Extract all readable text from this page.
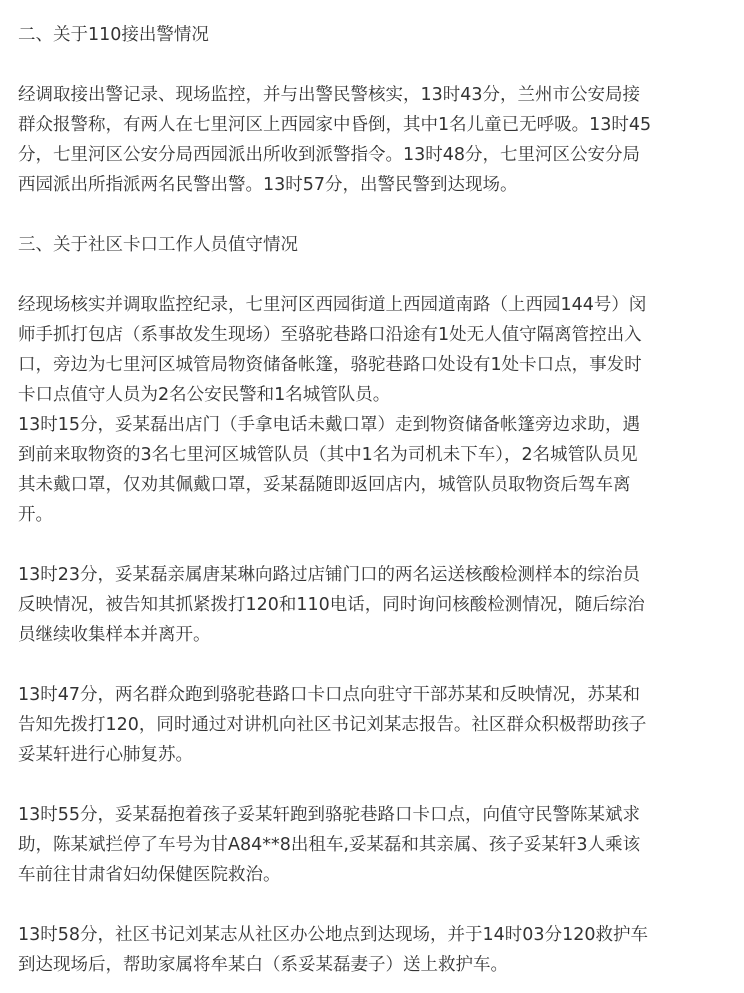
二、关于110接出警情况
经调取接出警记录、现场监控，并与出警民警核实，13时43分，兰州市公安局接
群众报警称，有两人在七里河区上西园家中昏倒，其中1名儿童已无呼吸。13时45
分，七里河区公安分局西园派出所收到派警指令。13时48分，七里河区公安分局
西园派出所指派两名民警出警。13时57分，出警民警到达现场。
三、关于社区卡口工作人员值守情况
经现场核实并调取监控纪录，七里河区西园街道上西园道南路（上西园144号）闵
师手抓打包店（系事故发生现场）至骆驼巷路口沿途有1处无人值守隔离管控出入
口，旁边为七里河区城管局物资储备帐篷，骆驼巷路口处设有1处卡口点，事发时
卡口点值守人员为2名公安民警和1名城管队员。
13时15分，妥某磊出店门（手拿电话未戴口罩）走到物资储备帐篷旁边求助，遇
到前来取物资的3名七里河区城管队员（其中1名为司机未下车），2名城管队员见
其未戴口罩，仅劝其佩戴口罩，妥某磊随即返回店内，城管队员取物资后驾车离
开。
13时23分，妥某磊亲属唐某琳向路过店铺门口的两名运送核酸检测样本的综治员
反映情况，被告知其抓紧拨打120和110电话，同时询问核酸检测情况，随后综治
员继续收集样本并离开。
13时47分，两名群众跑到骆驼巷路口卡口点向驻守干部苏某和反映情况，苏某和
告知先拨打120，同时通过对讲机向社区书记刘某志报告。社区群众积极帮助孩子
妥某轩进行心肺复苏。
13时55分，妥某磊抱着孩子妥某轩跑到骆驼巷路口卡口点，向值守民警陈某斌求
助，陈某斌拦停了车号为甘A84**8出租车,妥某磊和其亲属、孩子妥某轩3人乘该
车前往甘肃省妇幼保健医院救治。
13时58分，社区书记刘某志从社区办公地点到达现场，并于14时03分120救护车
到达现场后，帮助家属将牟某白（系妥某磊妻子）送上救护车。
